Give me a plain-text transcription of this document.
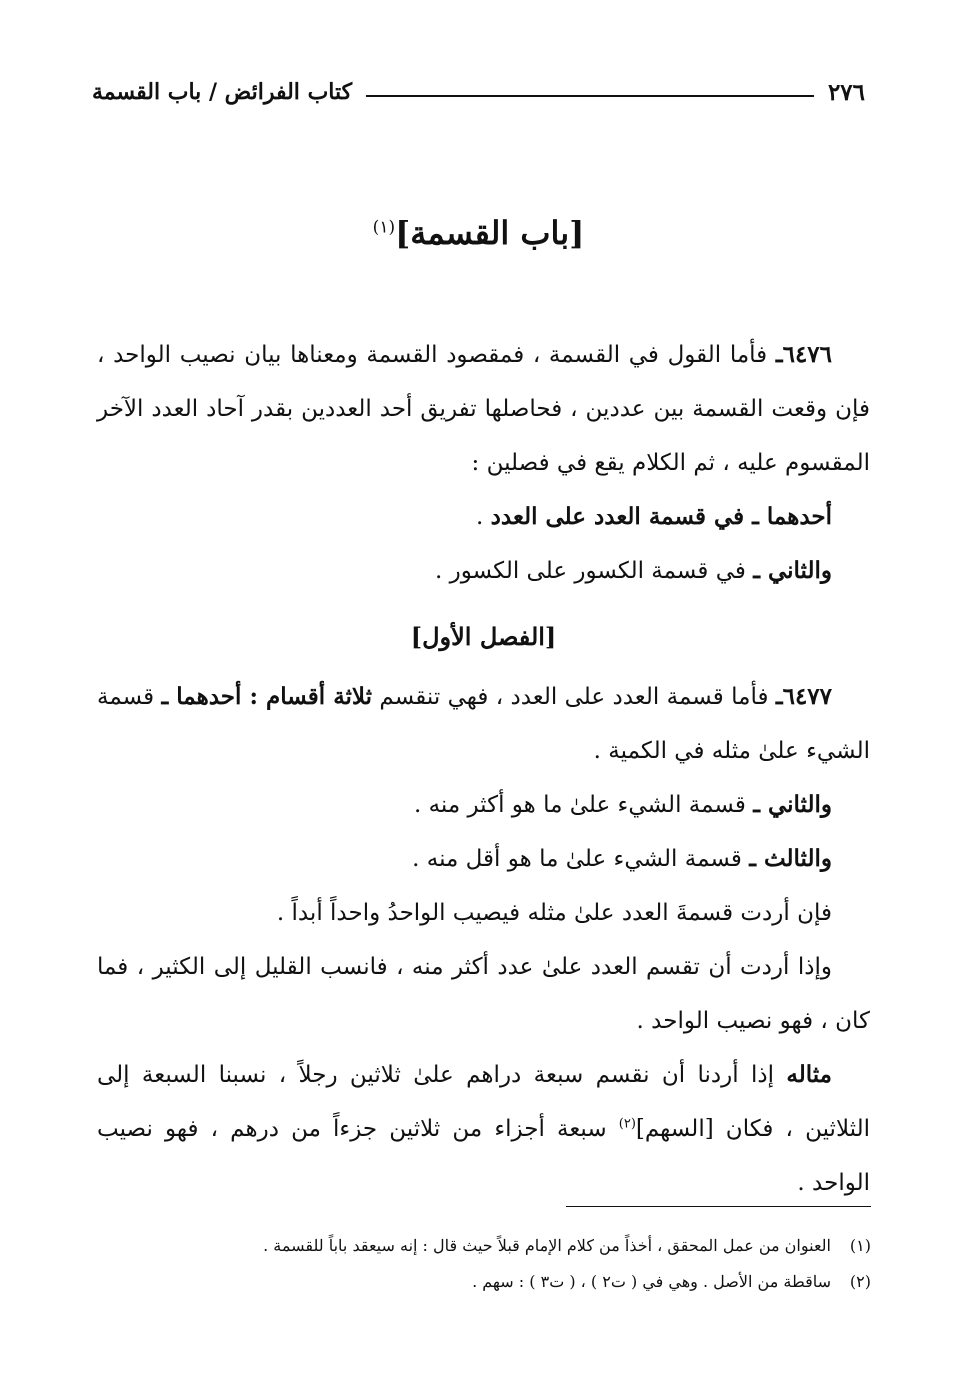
٢٧٦
كتاب الفرائض / باب القسمة
[باب القسمة]$^{(١)}$

٦٤٧٦ـ فأما القول في القسمة ، فمقصود القسمة ومعناها بيان نصيب الواحد ، فإن وقعت القسمة بين عددين ، فحاصلها تفريق أحد العددين بقدر آحاد العدد الآخر المقسوم عليه ، ثم الكلام يقع في فصلين :

أحدهما ـ في قسمة العدد على العدد .

والثاني ـ في قسمة الكسور على الكسور .

[الفصل الأول]

٦٤٧٧ـ فأما قسمة العدد على العدد ، فهي تنقسم ثلاثة أقسام : أحدهما ـ قسمة الشيء علىٰ مثله في الكمية .

والثاني ـ قسمة الشيء علىٰ ما هو أكثر منه .

والثالث ـ قسمة الشيء علىٰ ما هو أقل منه .

فإن أردت قسمةَ العدد علىٰ مثله فيصيب الواحدُ واحداً أبداً .

وإذا أردت أن تقسم العدد علىٰ عدد أكثر منه ، فانسب القليل إلى الكثير ، فما كان ، فهو نصيب الواحد .

مثاله إذا أردنا أن نقسم سبعة دراهم علىٰ ثلاثين رجلاً ، نسبنا السبعة إلى الثلاثين ، فكان [السهم]$^{(٢)}$ سبعة أجزاء من ثلاثين جزءاً من درهم ، فهو نصيب الواحد .

(١)
العنوان من عمل المحقق ، أخذاً من كلام الإمام قبلاً حيث قال : إنه سيعقد باباً للقسمة .
(٢)
ساقطة من الأصل . وهي في ( ت٢ ) ، ( ت٣ ) : سهم .
